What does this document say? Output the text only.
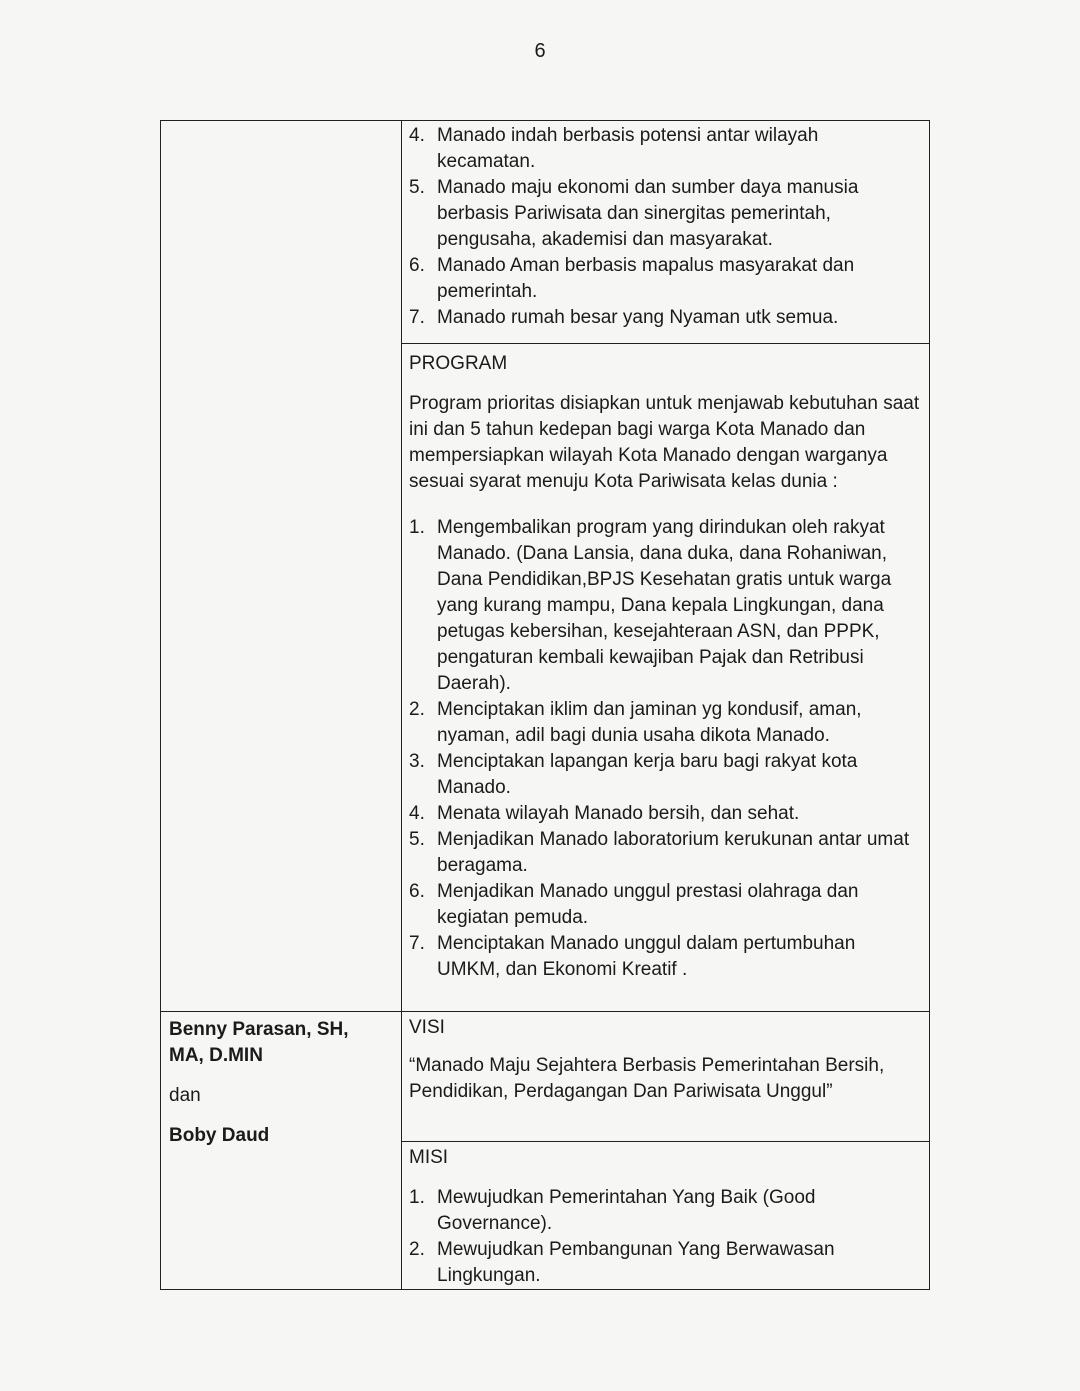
6
4. Manado indah berbasis potensi antar wilayah kecamatan.
5. Manado maju ekonomi dan sumber daya manusia berbasis Pariwisata dan sinergitas pemerintah, pengusaha, akademisi dan masyarakat.
6. Manado Aman berbasis mapalus masyarakat dan pemerintah.
7. Manado rumah besar yang Nyaman utk semua.

PROGRAM

Program prioritas disiapkan untuk menjawab kebutuhan saat ini dan 5 tahun kedepan bagi warga Kota Manado dan mempersiapkan wilayah Kota Manado dengan warganya sesuai syarat menuju Kota Pariwisata kelas dunia :

1. Mengembalikan program yang dirindukan oleh rakyat Manado. (Dana Lansia, dana duka, dana Rohaniwan, Dana Pendidikan,BPJS Kesehatan gratis untuk warga yang kurang mampu, Dana kepala Lingkungan, dana petugas kebersihan, kesejahteraan ASN, dan PPPK, pengaturan kembali kewajiban Pajak dan Retribusi Daerah).
2. Menciptakan iklim dan jaminan yg kondusif, aman, nyaman, adil bagi dunia usaha dikota Manado.
3. Menciptakan lapangan kerja baru bagi rakyat kota Manado.
4. Menata wilayah Manado bersih, dan sehat.
5. Menjadikan Manado laboratorium kerukunan antar umat beragama.
6. Menjadikan Manado unggul prestasi olahraga dan kegiatan pemuda.
7. Menciptakan Manado unggul dalam pertumbuhan UMKM, dan Ekonomi Kreatif .

Benny Parasan, SH,

MA, D.MIN

dan

Boby Daud

VISI

“Manado Maju Sejahtera Berbasis Pemerintahan Bersih, Pendidikan, Perdagangan Dan Pariwisata Unggul”

MISI

1. Mewujudkan Pemerintahan Yang Baik (Good Governance).
2. Mewujudkan Pembangunan Yang Berwawasan Lingkungan.
